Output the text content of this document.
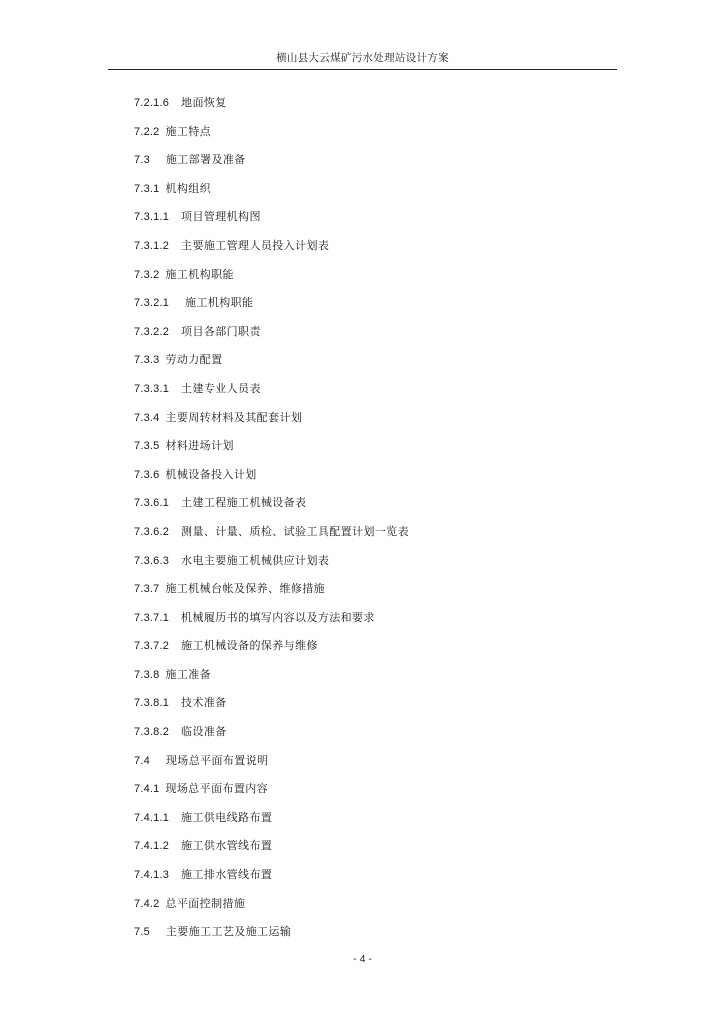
横山县大云煤矿污水处理站设计方案
7.2.1.6 地面恢复
7.2.2 施工特点
7.3 施工部署及准备
7.3.1 机构组织
7.3.1.1 项目管理机构图
7.3.1.2 主要施工管理人员投入计划表
7.3.2 施工机构职能
7.3.2.1 施工机构职能
7.3.2.2 项目各部门职责
7.3.3 劳动力配置
7.3.3.1 土建专业人员表
7.3.4 主要周转材料及其配套计划
7.3.5 材料进场计划
7.3.6 机械设备投入计划
7.3.6.1 土建工程施工机械设备表
7.3.6.2 测量、计量、质检、试验工具配置计划一览表
7.3.6.3 水电主要施工机械供应计划表
7.3.7 施工机械台帐及保养、维修措施
7.3.7.1 机械履历书的填写内容以及方法和要求
7.3.7.2 施工机械设备的保养与维修
7.3.8 施工准备
7.3.8.1 技术准备
7.3.8.2 临设准备
7.4 现场总平面布置说明
7.4.1 现场总平面布置内容
7.4.1.1 施工供电线路布置
7.4.1.2 施工供水管线布置
7.4.1.3 施工排水管线布置
7.4.2 总平面控制措施
7.5 主要施工工艺及施工运输
- 4 -
